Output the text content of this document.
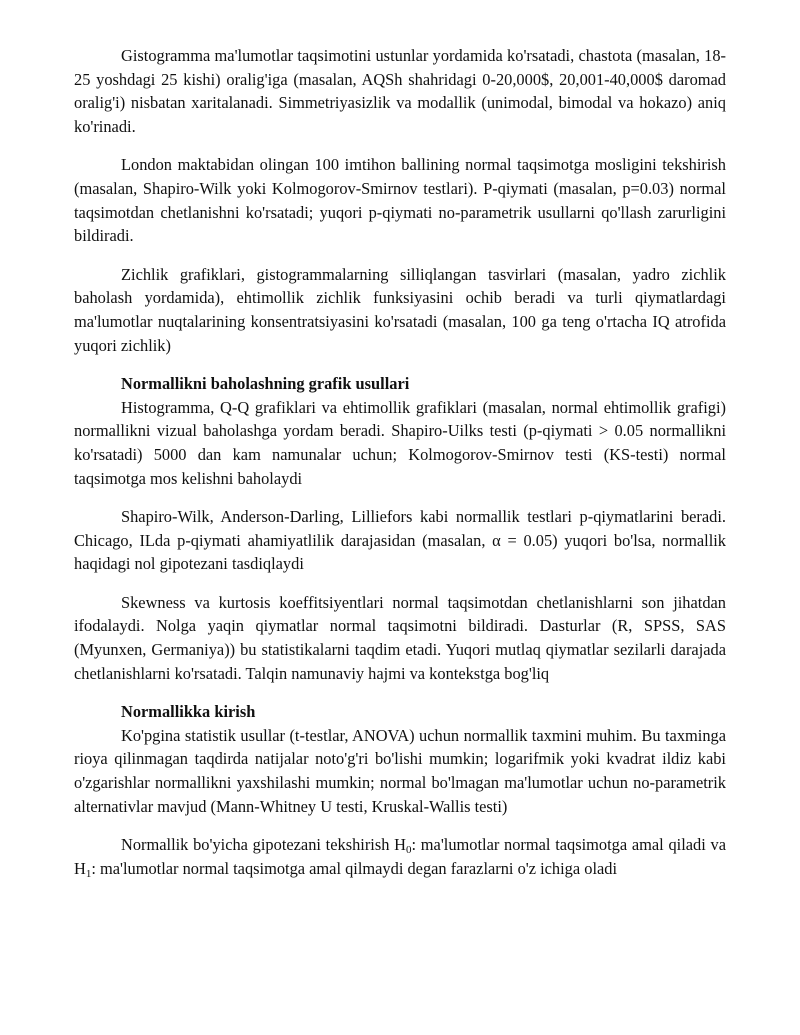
Gistogramma ma'lumotlar taqsimotini ustunlar yordamida ko'rsatadi, chastota (masalan, 18-25 yoshdagi 25 kishi) oralig'iga (masalan, AQSh shahridagi 0-20,000$, 20,001-40,000$ daromad oralig'i) nisbatan xaritalanadi. Simmetriyasizlik va modallik (unimodal, bimodal va hokazo) aniq ko'rinadi.

London maktabidan olingan 100 imtihon ballining normal taqsimotga mosligini tekshirish (masalan, Shapiro-Wilk yoki Kolmogorov-Smirnov testlari). P-qiymati (masalan, p=0.03) normal taqsimotdan chetlanishni ko'rsatadi; yuqori p-qiymati no-parametrik usullarni qo'llash zarurligini bildiradi.

Zichlik grafiklari, gistogrammalarning silliqlangan tasvirlari (masalan, yadro zichlik baholash yordamida), ehtimollik zichlik funksiyasini ochib beradi va turli qiymatlardagi ma'lumotlar nuqtalarining konsentratsiyasini ko'rsatadi (masalan, 100 ga teng o'rtacha IQ atrofida yuqori zichlik)

Normallikni baholashning grafik usullari

Histogramma, Q-Q grafiklari va ehtimollik grafiklari (masalan, normal ehtimollik grafigi) normallikni vizual baholashga yordam beradi. Shapiro-Uilks testi (p-qiymati > 0.05 normallikni ko'rsatadi) 5000 dan kam namunalar uchun; Kolmogorov-Smirnov testi (KS-testi) normal taqsimotga mos kelishni baholaydi

Shapiro-Wilk, Anderson-Darling, Lilliefors kabi normallik testlari p-qiymatlarini beradi. Chicago, ILda p-qiymati ahamiyatlilik darajasidan (masalan, α = 0.05) yuqori bo'lsa, normallik haqidagi nol gipotezani tasdiqlaydi

Skewness va kurtosis koeffitsiyentlari normal taqsimotdan chetlanishlarni son jihatdan ifodalaydi. Nolga yaqin qiymatlar normal taqsimotni bildiradi. Dasturlar (R, SPSS, SAS (Myunxen, Germaniya)) bu statistikalarni taqdim etadi. Yuqori mutlaq qiymatlar sezilarli darajada chetlanishlarni ko'rsatadi. Talqin namunaviy hajmi va kontekstga bog'liq

Normallikka kirish

Ko'pgina statistik usullar (t-testlar, ANOVA) uchun normallik taxmini muhim. Bu taxminga rioya qilinmagan taqdirda natijalar noto'g'ri bo'lishi mumkin; logarifmik yoki kvadrat ildiz kabi o'zgarishlar normallikni yaxshilashi mumkin; normal bo'lmagan ma'lumotlar uchun no-parametrik alternativlar mavjud (Mann-Whitney U testi, Kruskal-Wallis testi)

Normallik bo'yicha gipotezani tekshirish $H_0$: ma'lumotlar normal taqsimotga amal qiladi va $H_1$: ma'lumotlar normal taqsimotga amal qilmaydi degan farazlarni o'z ichiga oladi
